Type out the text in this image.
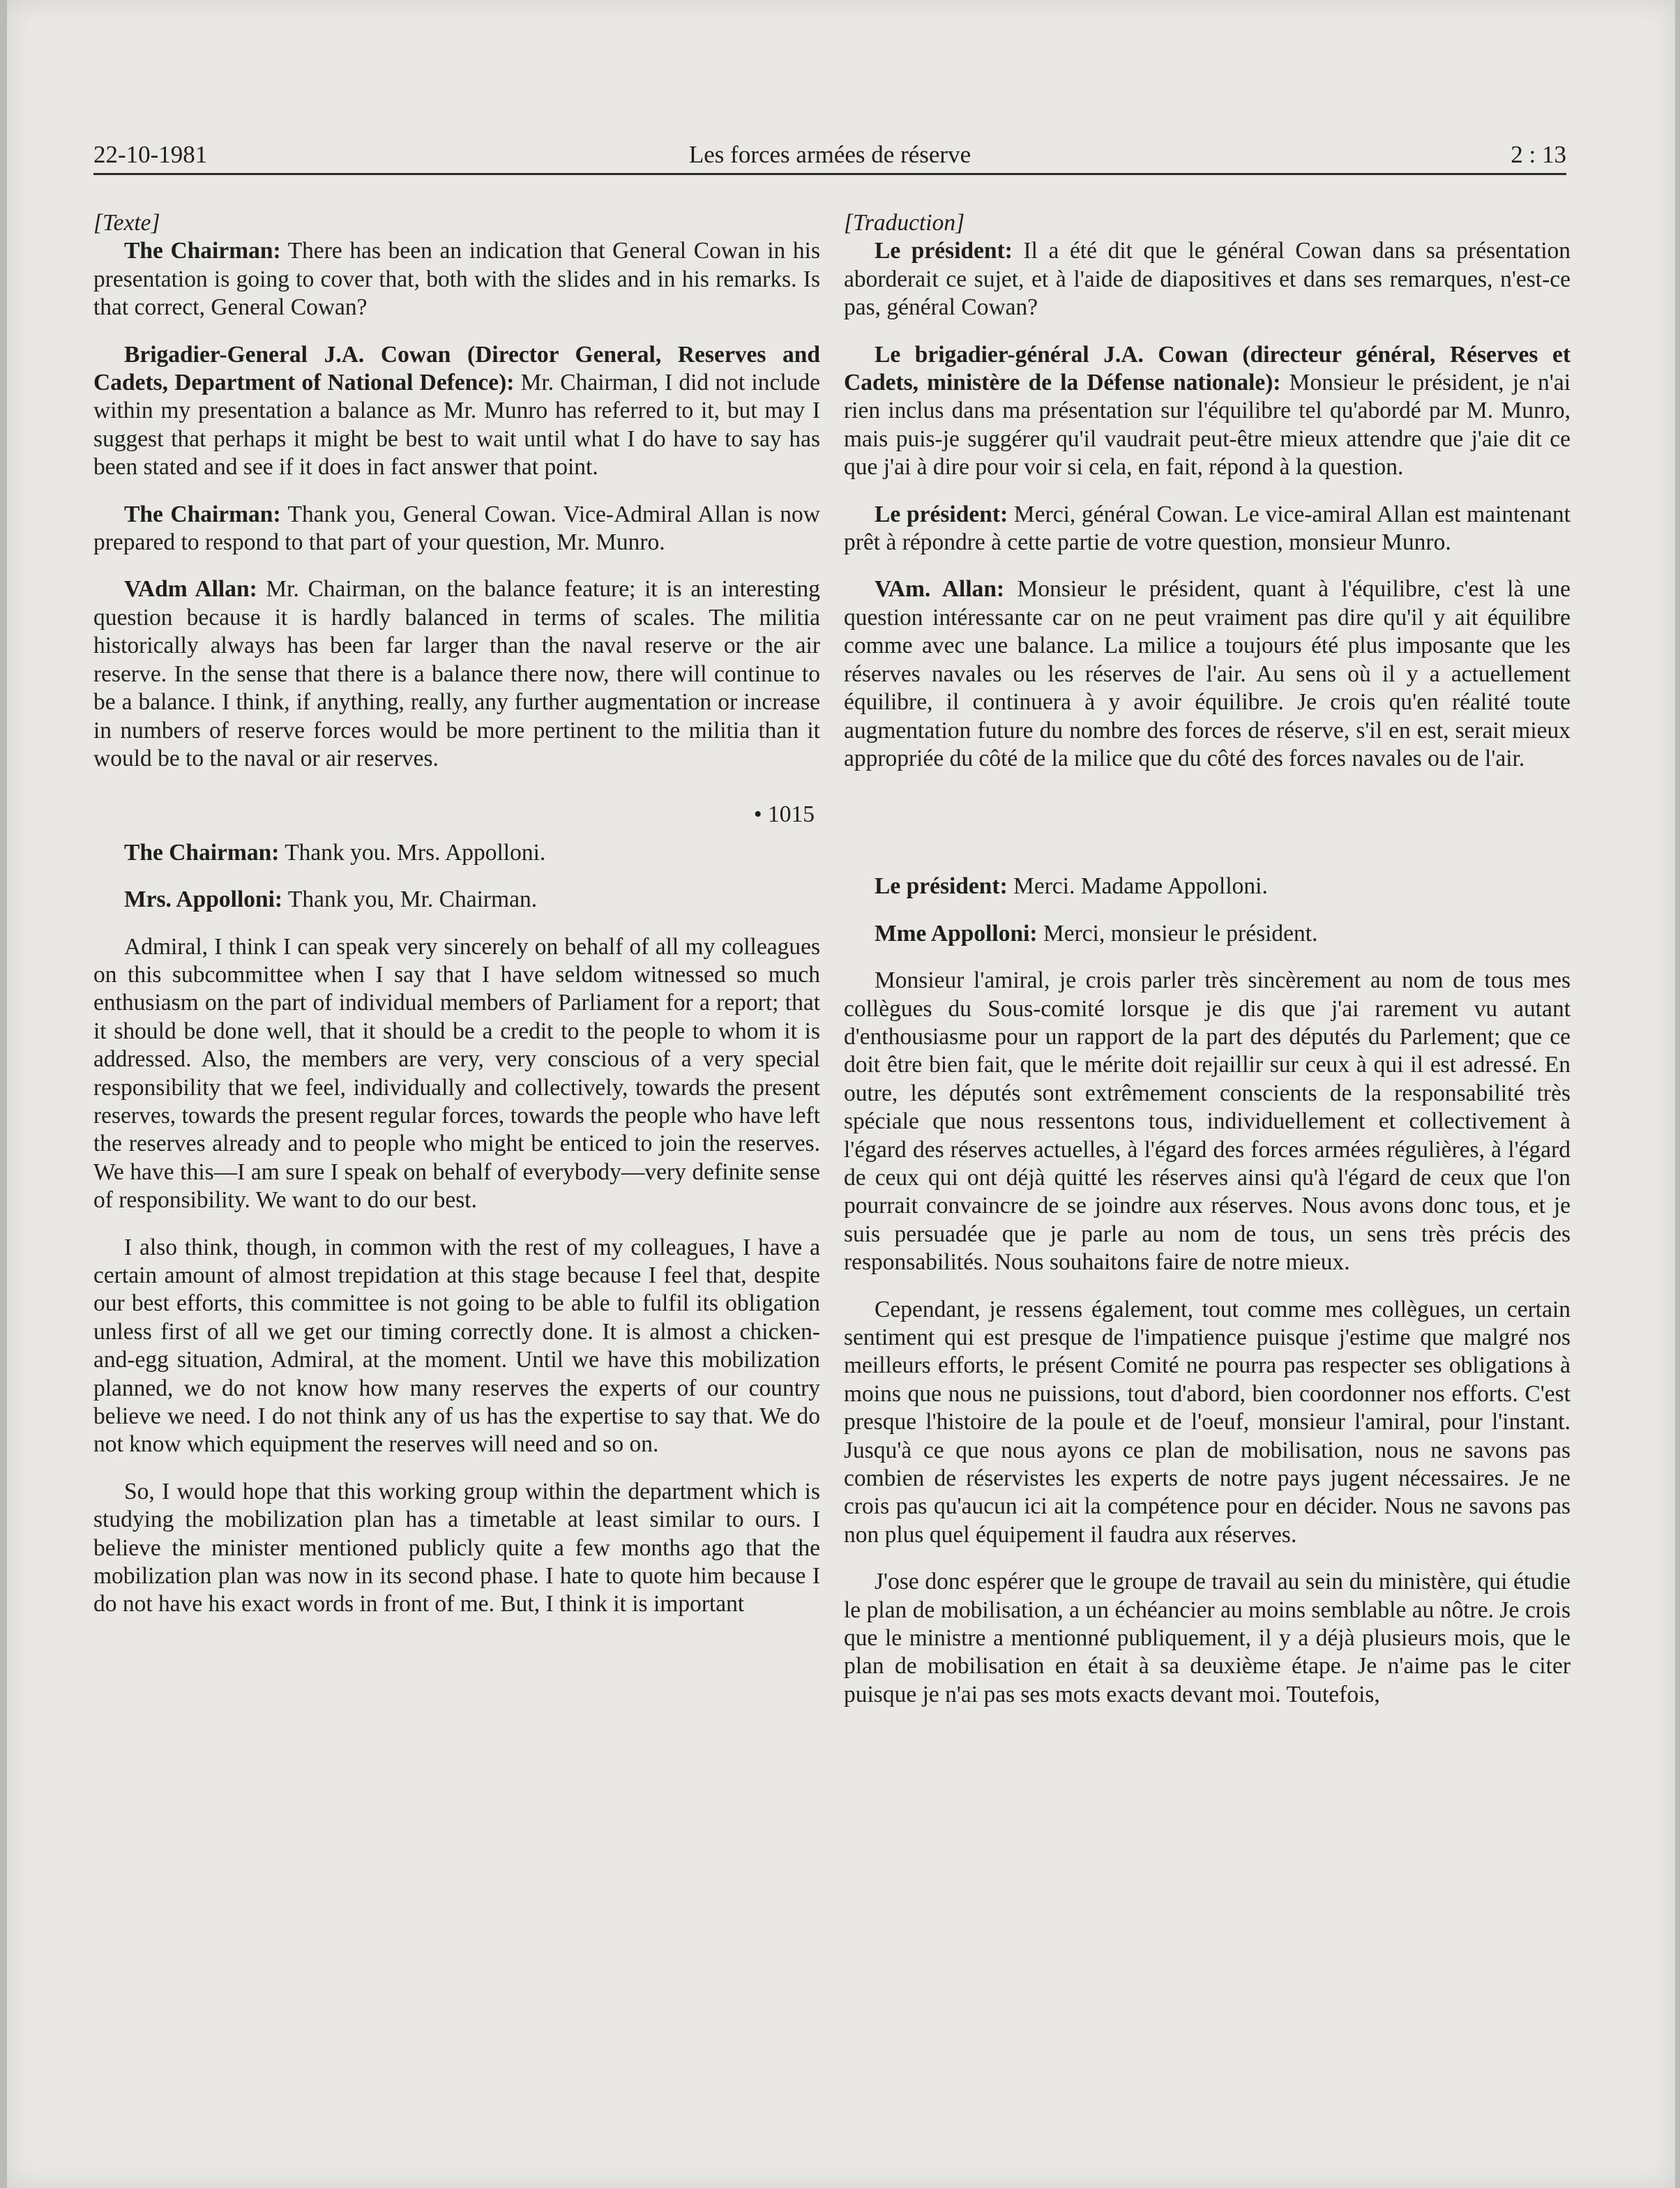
22-10-1981	Les forces armées de réserve	2 : 13

[Texte]

The Chairman: There has been an indication that General Cowan in his presentation is going to cover that, both with the slides and in his remarks. Is that correct, General Cowan?

Brigadier-General J.A. Cowan (Director General, Reserves and Cadets, Department of National Defence): Mr. Chairman, I did not include within my presentation a balance as Mr. Munro has referred to it, but may I suggest that perhaps it might be best to wait until what I do have to say has been stated and see if it does in fact answer that point.

The Chairman: Thank you, General Cowan. Vice-Admiral Allan is now prepared to respond to that part of your question, Mr. Munro.

VAdm Allan: Mr. Chairman, on the balance feature; it is an interesting question because it is hardly balanced in terms of scales. The militia historically always has been far larger than the naval reserve or the air reserve. In the sense that there is a balance there now, there will continue to be a balance. I think, if anything, really, any further augmentation or increase in numbers of reserve forces would be more pertinent to the militia than it would be to the naval or air reserves.

• 1015

The Chairman: Thank you. Mrs. Appolloni.

Mrs. Appolloni: Thank you, Mr. Chairman.

Admiral, I think I can speak very sincerely on behalf of all my colleagues on this subcommittee when I say that I have seldom witnessed so much enthusiasm on the part of individual members of Parliament for a report; that it should be done well, that it should be a credit to the people to whom it is addressed. Also, the members are very, very conscious of a very special responsibility that we feel, individually and collectively, towards the present reserves, towards the present regular forces, towards the people who have left the reserves already and to people who might be enticed to join the reserves. We have this—I am sure I speak on behalf of everybody—very definite sense of responsibility. We want to do our best.

I also think, though, in common with the rest of my colleagues, I have a certain amount of almost trepidation at this stage because I feel that, despite our best efforts, this committee is not going to be able to fulfil its obligation unless first of all we get our timing correctly done. It is almost a chicken-and-egg situation, Admiral, at the moment. Until we have this mobilization planned, we do not know how many reserves the experts of our country believe we need. I do not think any of us has the expertise to say that. We do not know which equipment the reserves will need and so on.

So, I would hope that this working group within the department which is studying the mobilization plan has a timetable at least similar to ours. I believe the minister mentioned publicly quite a few months ago that the mobilization plan was now in its second phase. I hate to quote him because I do not have his exact words in front of me. But, I think it is important

[Traduction]

Le président: Il a été dit que le général Cowan dans sa présentation aborderait ce sujet, et à l'aide de diapositives et dans ses remarques, n'est-ce pas, général Cowan?

Le brigadier-général J.A. Cowan (directeur général, Réserves et Cadets, ministère de la Défense nationale): Monsieur le président, je n'ai rien inclus dans ma présentation sur l'équilibre tel qu'abordé par M. Munro, mais puis-je suggérer qu'il vaudrait peut-être mieux attendre que j'aie dit ce que j'ai à dire pour voir si cela, en fait, répond à la question.

Le président: Merci, général Cowan. Le vice-amiral Allan est maintenant prêt à répondre à cette partie de votre question, monsieur Munro.

VAm. Allan: Monsieur le président, quant à l'équilibre, c'est là une question intéressante car on ne peut vraiment pas dire qu'il y ait équilibre comme avec une balance. La milice a toujours été plus imposante que les réserves navales ou les réserves de l'air. Au sens où il y a actuellement équilibre, il continuera à y avoir équilibre. Je crois qu'en réalité toute augmentation future du nombre des forces de réserve, s'il en est, serait mieux appropriée du côté de la milice que du côté des forces navales ou de l'air.

Le président: Merci. Madame Appolloni.

Mme Appolloni: Merci, monsieur le président.

Monsieur l'amiral, je crois parler très sincèrement au nom de tous mes collègues du Sous-comité lorsque je dis que j'ai rarement vu autant d'enthousiasme pour un rapport de la part des députés du Parlement; que ce doit être bien fait, que le mérite doit rejaillir sur ceux à qui il est adressé. En outre, les députés sont extrêmement conscients de la responsabilité très spéciale que nous ressentons tous, individuellement et collectivement à l'égard des réserves actuelles, à l'égard des forces armées régulières, à l'égard de ceux qui ont déjà quitté les réserves ainsi qu'à l'égard de ceux que l'on pourrait convaincre de se joindre aux réserves. Nous avons donc tous, et je suis persuadée que je parle au nom de tous, un sens très précis des responsabilités. Nous souhaitons faire de notre mieux.

Cependant, je ressens également, tout comme mes collègues, un certain sentiment qui est presque de l'impatience puisque j'estime que malgré nos meilleurs efforts, le présent Comité ne pourra pas respecter ses obligations à moins que nous ne puissions, tout d'abord, bien coordonner nos efforts. C'est presque l'histoire de la poule et de l'oeuf, monsieur l'amiral, pour l'instant. Jusqu'à ce que nous ayons ce plan de mobilisation, nous ne savons pas combien de réservistes les experts de notre pays jugent nécessaires. Je ne crois pas qu'aucun ici ait la compétence pour en décider. Nous ne savons pas non plus quel équipement il faudra aux réserves.

J'ose donc espérer que le groupe de travail au sein du ministère, qui étudie le plan de mobilisation, a un échéancier au moins semblable au nôtre. Je crois que le ministre a mentionné publiquement, il y a déjà plusieurs mois, que le plan de mobilisation en était à sa deuxième étape. Je n'aime pas le citer puisque je n'ai pas ses mots exacts devant moi. Toutefois,
